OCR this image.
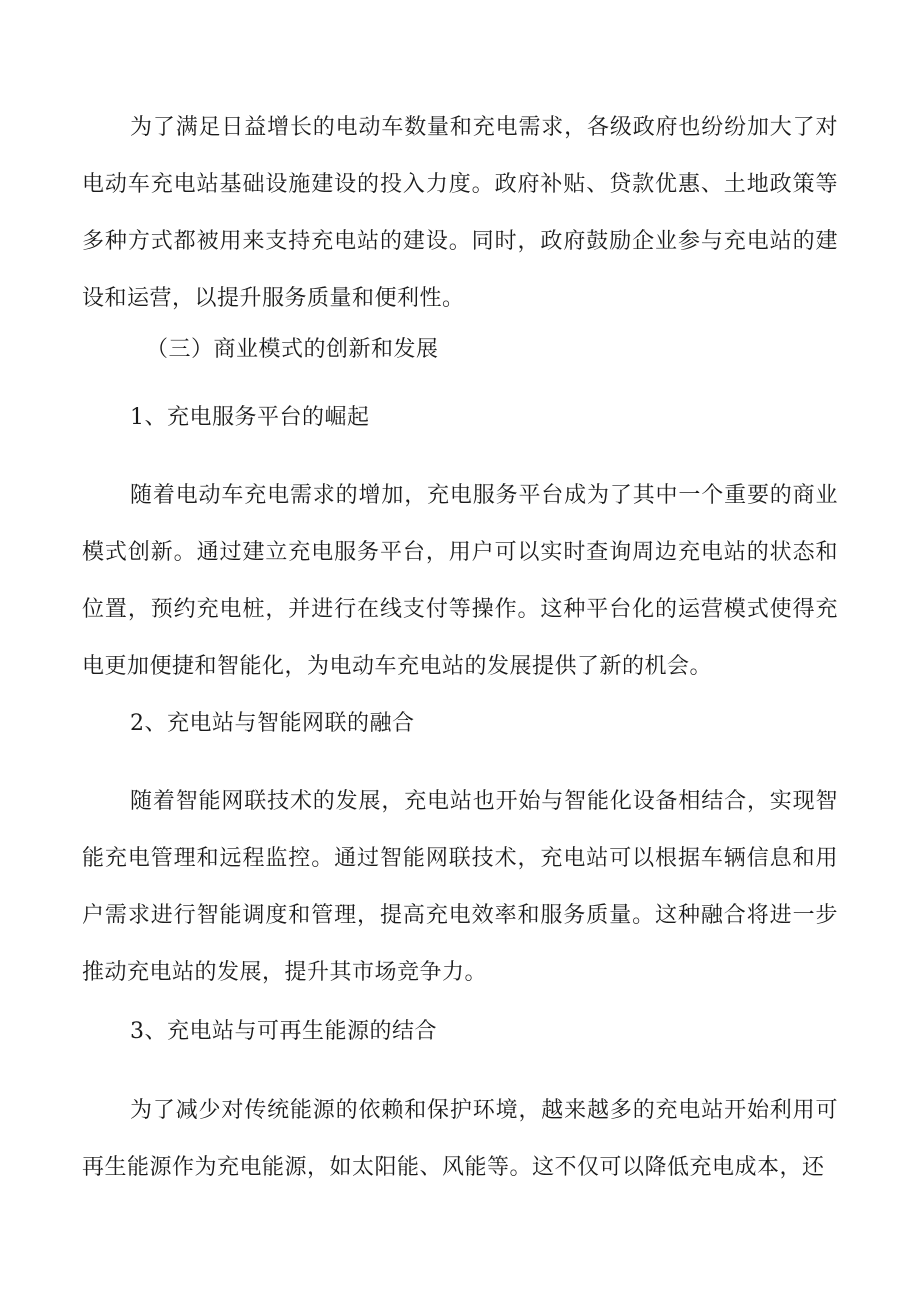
为了满足日益增长的电动车数量和充电需求，各级政府也纷纷加大了对电动车充电站基础设施建设的投入力度。政府补贴、贷款优惠、土地政策等多种方式都被用来支持充电站的建设。同时，政府鼓励企业参与充电站的建设和运营，以提升服务质量和便利性。

（三）商业模式的创新和发展

1、充电服务平台的崛起

随着电动车充电需求的增加，充电服务平台成为了其中一个重要的商业模式创新。通过建立充电服务平台，用户可以实时查询周边充电站的状态和位置，预约充电桩，并进行在线支付等操作。这种平台化的运营模式使得充电更加便捷和智能化，为电动车充电站的发展提供了新的机会。

2、充电站与智能网联的融合

随着智能网联技术的发展，充电站也开始与智能化设备相结合，实现智能充电管理和远程监控。通过智能网联技术，充电站可以根据车辆信息和用户需求进行智能调度和管理，提高充电效率和服务质量。这种融合将进一步推动充电站的发展，提升其市场竞争力。

3、充电站与可再生能源的结合

为了减少对传统能源的依赖和保护环境，越来越多的充电站开始利用可再生能源作为充电能源，如太阳能、风能等。这不仅可以降低充电成本，还
